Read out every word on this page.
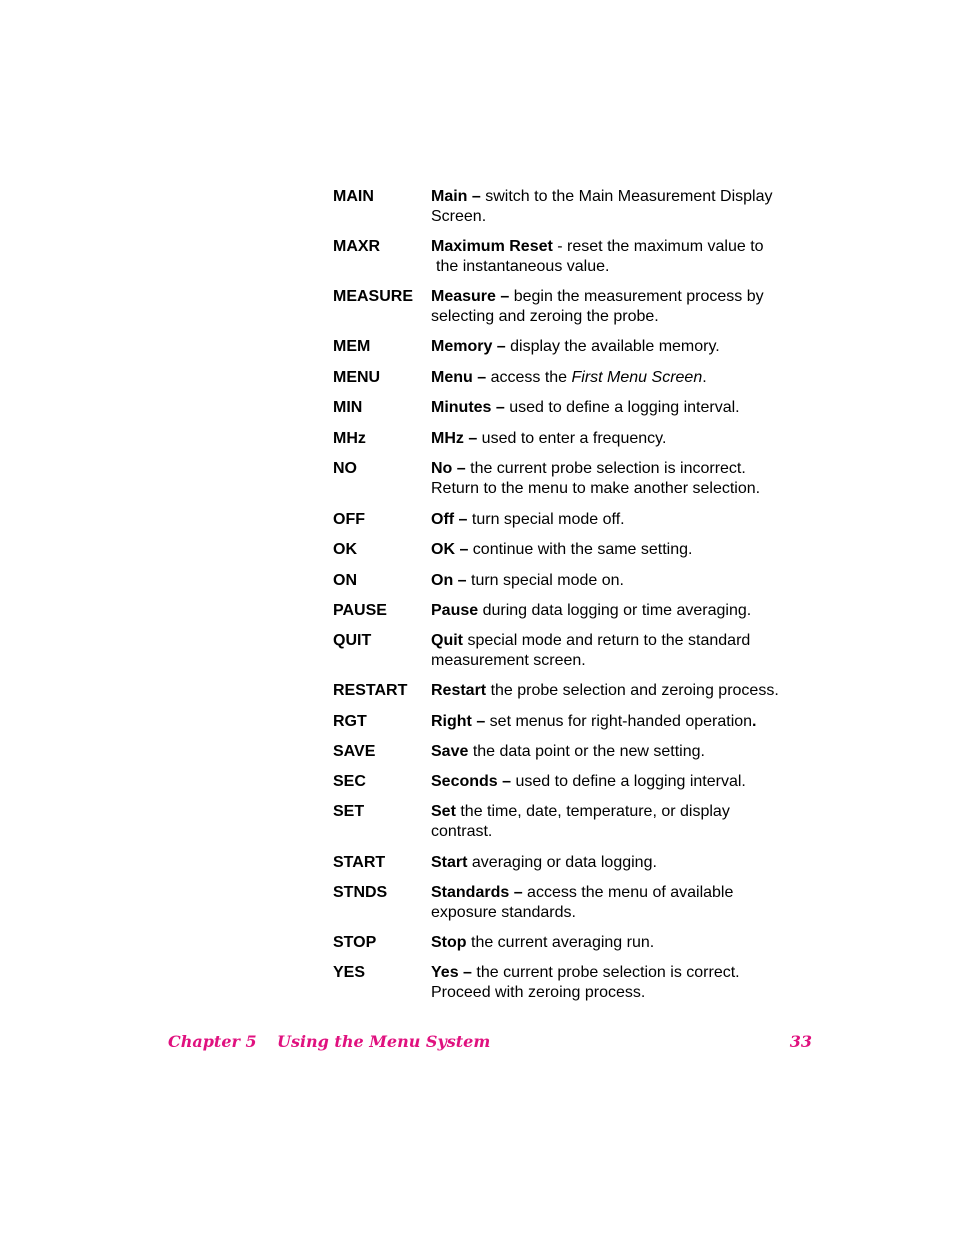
MAIN	Main – switch to the Main Measurement Display
Screen.
MAXR	Maximum Reset - reset the maximum value to
the instantaneous value.
MEASURE Measure – begin the measurement process by
selecting and zeroing the probe.
MEM	Memory – display the available memory.
MENU	Menu – access the First Menu Screen.
MIN	Minutes – used to define a logging interval.
MHz	MHz – used to enter a frequency.
NO	No – the current probe selection is incorrect.
Return to the menu to make another selection.
OFF	Off – turn special mode off.
OK	OK – continue with the same setting.
ON	On – turn special mode on.
PAUSE	Pause during data logging or time averaging.
QUIT	Quit special mode and return to the standard
measurement screen.
RESTART Restart the probe selection and zeroing process.
RGT	Right – set menus for right-handed operation.
SAVE	Save the data point or the new setting.
SEC	Seconds – used to define a logging interval.
SET	Set the time, date, temperature, or display
contrast.
START	Start averaging or data logging.
STNDS	Standards – access the menu of available
exposure standards.
STOP	Stop the current averaging run.
YES	Yes – the current probe selection is correct.
Proceed with zeroing process.
Chapter 5 Using the Menu System	33
